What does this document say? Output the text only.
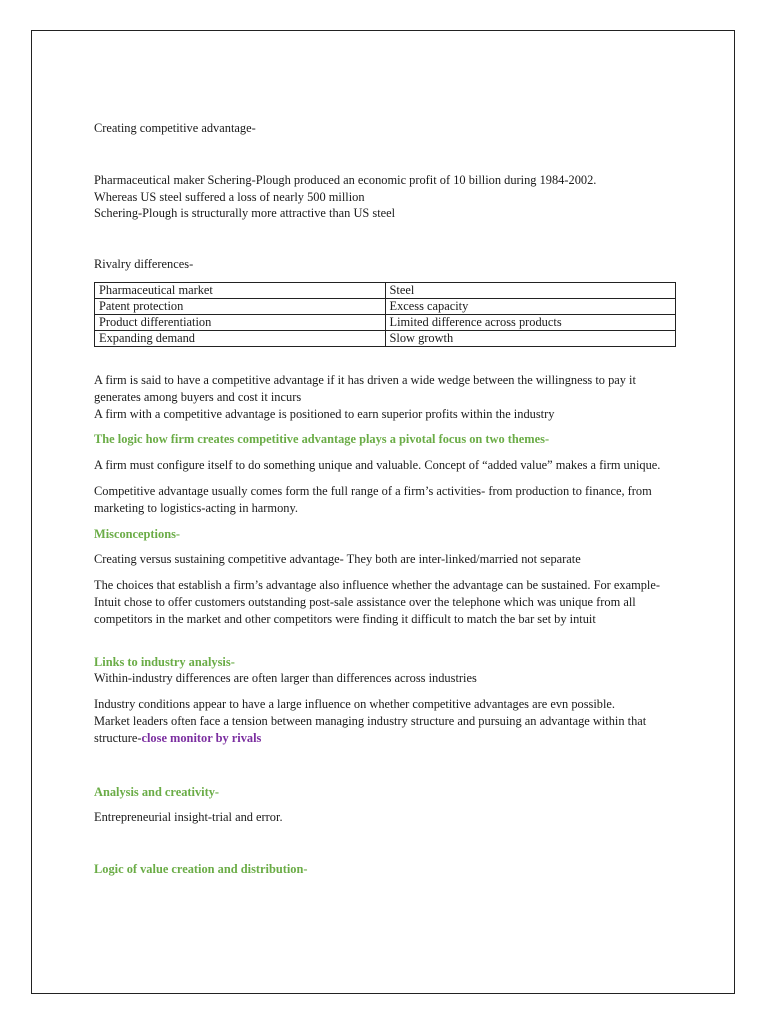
Creating competitive advantage-

Pharmaceutical maker Schering-Plough produced an economic profit of 10 billion during 1984-2002.

Whereas US steel suffered a loss of nearly 500 million

Schering-Plough is structurally more attractive than US steel

Rivalry differences-

Pharmaceutical market	Steel
Patent protection	Excess capacity
Product differentiation	Limited difference across products
Expanding demand	Slow growth

A firm is said to have a competitive advantage if it has driven a wide wedge between the willingness to pay it generates among buyers and cost it incurs

A firm with a competitive advantage is positioned to earn superior profits within the industry

The logic how firm creates competitive advantage plays a pivotal focus on two themes-

A firm must configure itself to do something unique and valuable. Concept of “added value” makes a firm unique.

Competitive advantage usually comes form the full range of a firm’s activities- from production to finance, from marketing to logistics-acting in harmony.

Misconceptions-

Creating versus sustaining competitive advantage- They both are inter-linked/married not separate

The choices that establish a firm’s advantage also influence whether the advantage can be sustained. For example-Intuit chose to offer customers outstanding post-sale assistance over the telephone which was unique from all competitors in the market and other competitors were finding it difficult to match the bar set by intuit

Links to industry analysis-

Within-industry differences are often larger than differences across industries

Industry conditions appear to have a large influence on whether competitive advantages are evn possible.

Market leaders often face a tension between managing industry structure and pursuing an advantage within that structure-close monitor by rivals

Analysis and creativity-

Entrepreneurial insight-trial and error.

Logic of value creation and distribution-
